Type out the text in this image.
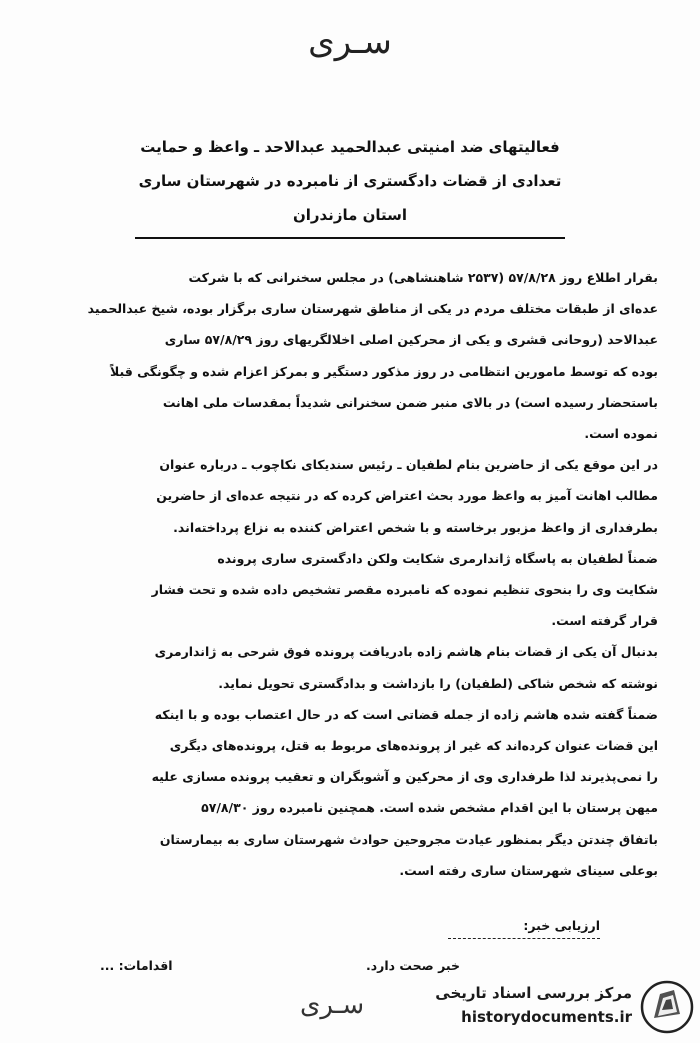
سـری
فعالیتهای ضد امنیتی عبدالحمید عبدالاحد ـ واعظ و حمایت
تعدادی از قضات دادگستری از نامبرده در شهرستان ساری
استان مازندران
بقرار اطلاع روز ۵۷/۸/۲۸ (۲۵۳۷ شاهنشاهی) در مجلس سخنرانی که با شرکت
عده‌ای از طبقات مختلف مردم در یکی از مناطق شهرستان ساری برگزار بوده، شیخ عبدالحمید
عبدالاحد (روحانی قشری و یکی از محرکین اصلی اخلالگریهای روز ۵۷/۸/۲۹ ساری
بوده که توسط مامورین انتظامی در روز مذکور دستگیر و بمرکز اعزام شده و چگونگی قبلاً
باستحضار رسیده است) در بالای منبر ضمن سخنرانی شدیداً بمقدسات ملی اهانت
نموده است.
در این موقع یکی از حاضرین بنام لطفیان ـ رئیس سندیکای نکاچوب ـ درباره عنوان
مطالب اهانت آمیز به واعظ مورد بحث اعتراض کرده که در نتیجه عده‌ای از حاضرین
بطرفداری از واعظ مزبور برخاسته و با شخص اعتراض کننده به نزاع پرداخته‌اند.
ضمناً لطفیان به پاسگاه ژاندارمری شکایت ولکن دادگستری ساری پرونده
شکایت وی را بنحوی تنظیم نموده که نامبرده مقصر تشخیص داده شده و تحت فشار
قرار گرفته است.
بدنبال آن یکی از قضات بنام هاشم زاده بادریافت پرونده فوق شرحی به ژاندارمری
نوشته که شخص شاکی (لطفیان) را بازداشت و بدادگستری تحویل نماید.
ضمناً گفته شده هاشم زاده از جمله قضاتی است که در حال اعتصاب بوده و با اینکه
این قضات عنوان کرده‌اند که غیر از پرونده‌های مربوط به قتل، پرونده‌های دیگری
را نمی‌پذیرند لذا طرفداری وی از محرکین و آشوبگران و تعقیب پرونده مسازی علیه
میهن پرستان با این اقدام مشخص شده است. همچنین نامبرده روز ۵۷/۸/۳۰
باتفاق چندتن دیگر بمنظور عیادت مجروحین حوادث شهرستان ساری به بیمارستان
بوعلی سینای شهرستان ساری رفته است.
ارزیابی خبر:
خبر صحت دارد.
اقدامات: ...
سـری	مرکز بررسی اسناد تاریخی
historydocuments.ir
